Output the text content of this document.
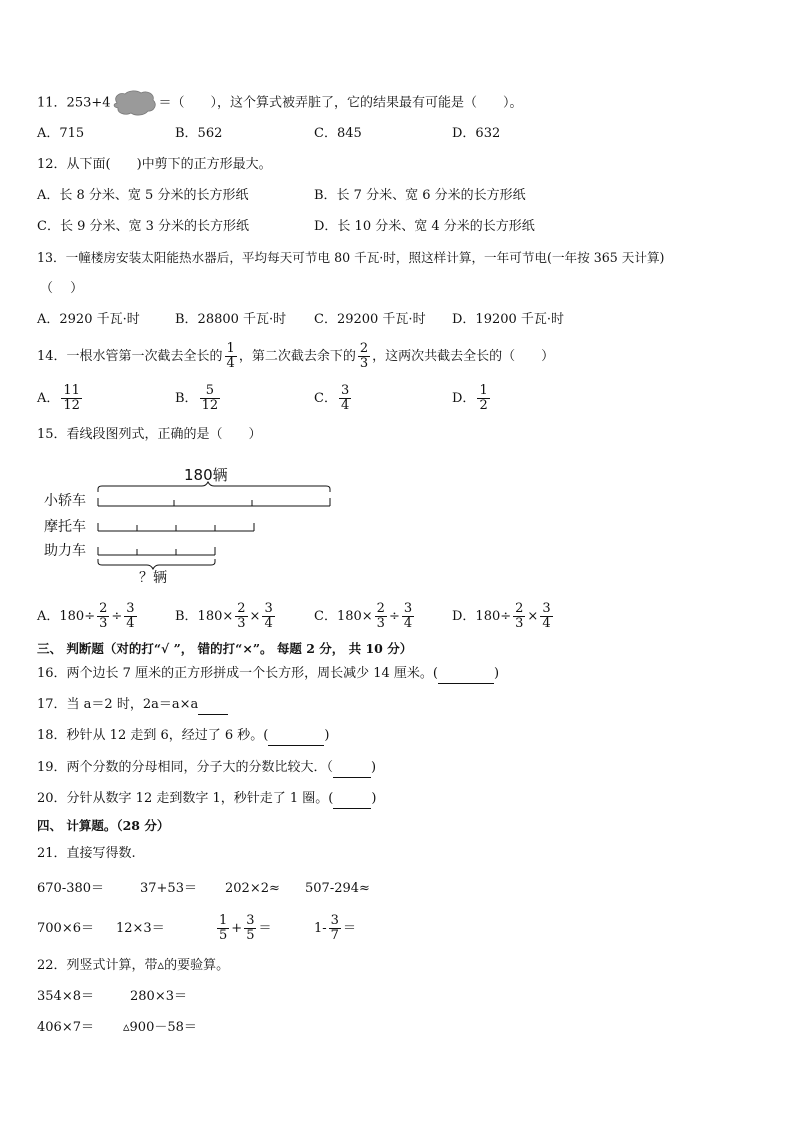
11．253+4	＝（　　），这个算式被弄脏了，它的结果最有可能是（　　）。
A．715	B．562	C．845	D．632
12．从下面(　　)中剪下的正方形最大。
A．长 8 分米、宽 5 分米的长方形纸	B．长 7 分米、宽 6 分米的长方形纸
C．长 9 分米、宽 3 分米的长方形纸	D．长 10 分米、宽 4 分米的长方形纸
13．一幢楼房安装太阳能热水器后，平均每天可节电 80 千瓦·时，照这样计算，一年可节电(一年按 365 天计算)
（　 ）
A．2920 千瓦·时	B．28800 千瓦·时 C．29200 千瓦·时 D．19200 千瓦·时
14．一根水管第一次截去全长的 $\frac{1}{4}$ ，第二次截去余下的 $\frac{2}{3}$ ，这两次共截去全长的（　　）
A． $\frac{11}{12}$	B． $\frac{5}{12}$	C． $\frac{3}{4}$	D． $\frac{1}{2}$
15．看线段图列式，正确的是（　　）
180辆
小轿车
摩托车
助力车
？辆
A．$180\div \frac{2}{3} \div \frac{3}{4}$	B．$180\times \frac{2}{3} \times \frac{3}{4}$	C．$180\times \frac{2}{3} \div \frac{3}{4}$	D．$180\div \frac{2}{3} \times \frac{3}{4}$
三、 判断题（对的打“√ ”， 错的打“×”。 每题 2 分， 共 10 分）
16．两个边长 7 厘米的正方形拼成一个长方形，周长减少 14 厘米。(	)
17．当 a＝2 时，2a＝a×a
18．秒针从 12 走到 6，经过了 6 秒。(	)
19．两个分数的分母相同，分子大的分数比较大．（	)
20．分针从数字 12 走到数字 1，秒针走了 1 圈。(	)
四、 计算题。（28 分）
21．直接写得数.
670-380＝	37+53＝ 202×2≈ 507-294≈
700×6＝ 12×3＝	$\frac{1}{5} + \frac{3}{5}$ ＝	$1- \frac{3}{7}$ ＝
22．列竖式计算，带▵的要验算。
354×8＝	280×3＝
406×7＝ ▵900－58＝
